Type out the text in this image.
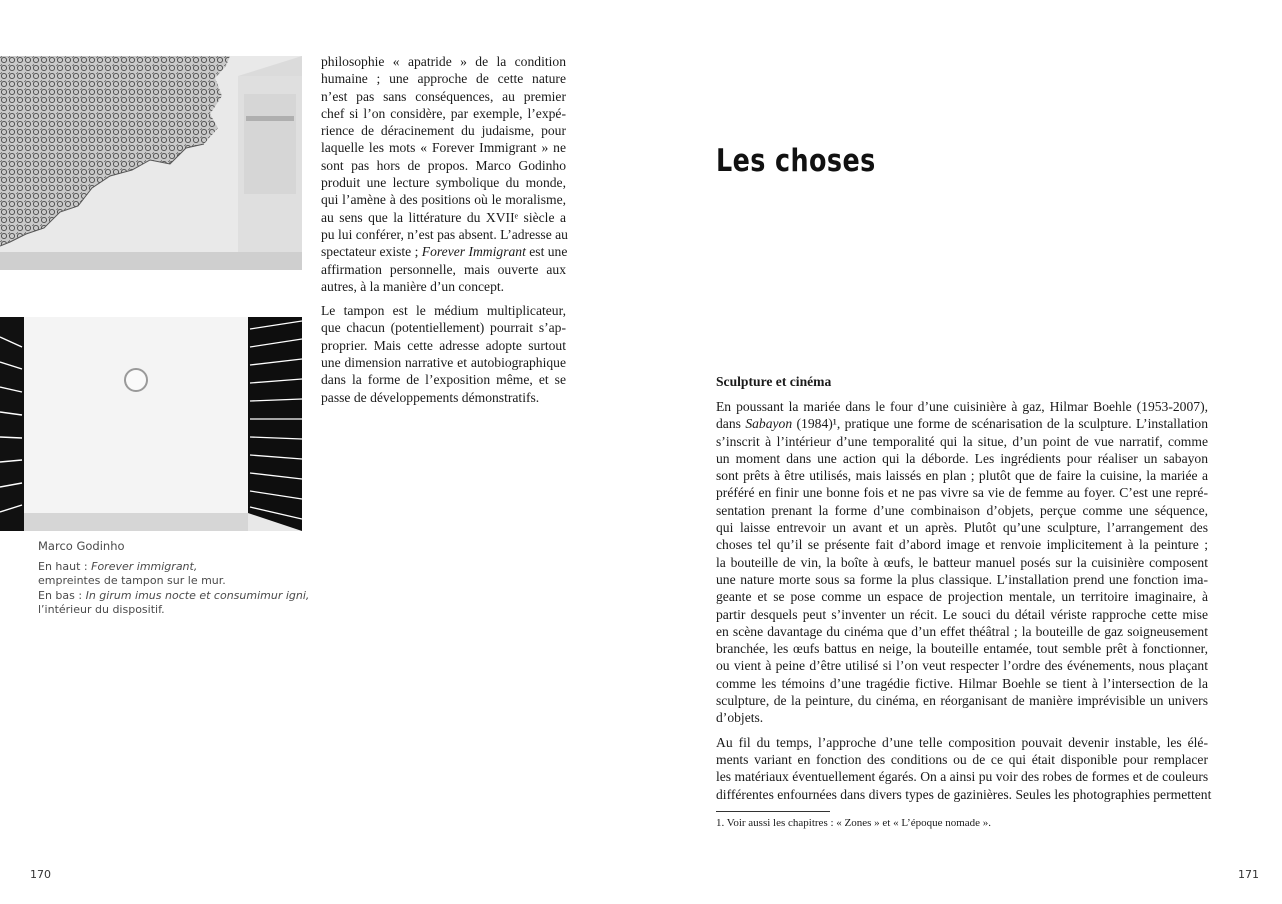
Marco Godinho
En haut : Forever immigrant,
empreintes de tampon sur le mur.
En bas : In girum imus nocte et consumimur igni,
l’intérieur du dispositif.

philosophie « apatride » de la condition
humaine ; une approche de cette nature
n’est pas sans conséquences, au premier
chef si l’on considère, par exemple, l’expé-
rience de déracinement du judaisme, pour
laquelle les mots « Forever Immigrant » ne
sont pas hors de propos. Marco Godinho
produit une lecture symbolique du monde,
qui l’amène à des positions où le moralisme,
au sens que la littérature du XVIIᵉ siècle a
pu lui conférer, n’est pas absent. L’adresse au
spectateur existe ; Forever Immigrant est une
affirmation personnelle, mais ouverte aux
autres, à la manière d’un concept.

Le tampon est le médium multiplicateur,
que chacun (potentiellement) pourrait s’ap-
proprier. Mais cette adresse adopte surtout
une dimension narrative et autobiographique
dans la forme de l’exposition même, et se
passe de développements démonstratifs.

170
Les choses
Sculpture et cinéma

En poussant la mariée dans le four d’une cuisinière à gaz, Hilmar Boehle (1953-2007),
dans Sabayon (1984)¹, pratique une forme de scénarisation de la sculpture. L’installation
s’inscrit à l’intérieur d’une temporalité qui la situe, d’un point de vue narratif, comme
un moment dans une action qui la déborde. Les ingrédients pour réaliser un sabayon
sont prêts à être utilisés, mais laissés en plan ; plutôt que de faire la cuisine, la mariée a
préféré en finir une bonne fois et ne pas vivre sa vie de femme au foyer. C’est une repré-
sentation prenant la forme d’une combinaison d’objets, perçue comme une séquence,
qui laisse entrevoir un avant et un après. Plutôt qu’une sculpture, l’arrangement des
choses tel qu’il se présente fait d’abord image et renvoie implicitement à la peinture ;
la bouteille de vin, la boîte à œufs, le batteur manuel posés sur la cuisinière composent
une nature morte sous sa forme la plus classique. L’installation prend une fonction ima-
geante et se pose comme un espace de projection mentale, un territoire imaginaire, à
partir desquels peut s’inventer un récit. Le souci du détail vériste rapproche cette mise
en scène davantage du cinéma que d’un effet théâtral ; la bouteille de gaz soigneusement
branchée, les œufs battus en neige, la bouteille entamée, tout semble prêt à fonctionner,
ou vient à peine d’être utilisé si l’on veut respecter l’ordre des événements, nous plaçant
comme les témoins d’une tragédie fictive. Hilmar Boehle se tient à l’intersection de la
sculpture, de la peinture, du cinéma, en réorganisant de manière imprévisible un univers
d’objets.

Au fil du temps, l’approche d’une telle composition pouvait devenir instable, les élé-
ments variant en fonction des conditions ou de ce qui était disponible pour remplacer
les matériaux éventuellement égarés. On a ainsi pu voir des robes de formes et de couleurs
différentes enfournées dans divers types de gazinières. Seules les photographies permettent

1. Voir aussi les chapitres : « Zones » et « L’époque nomade ».
171
